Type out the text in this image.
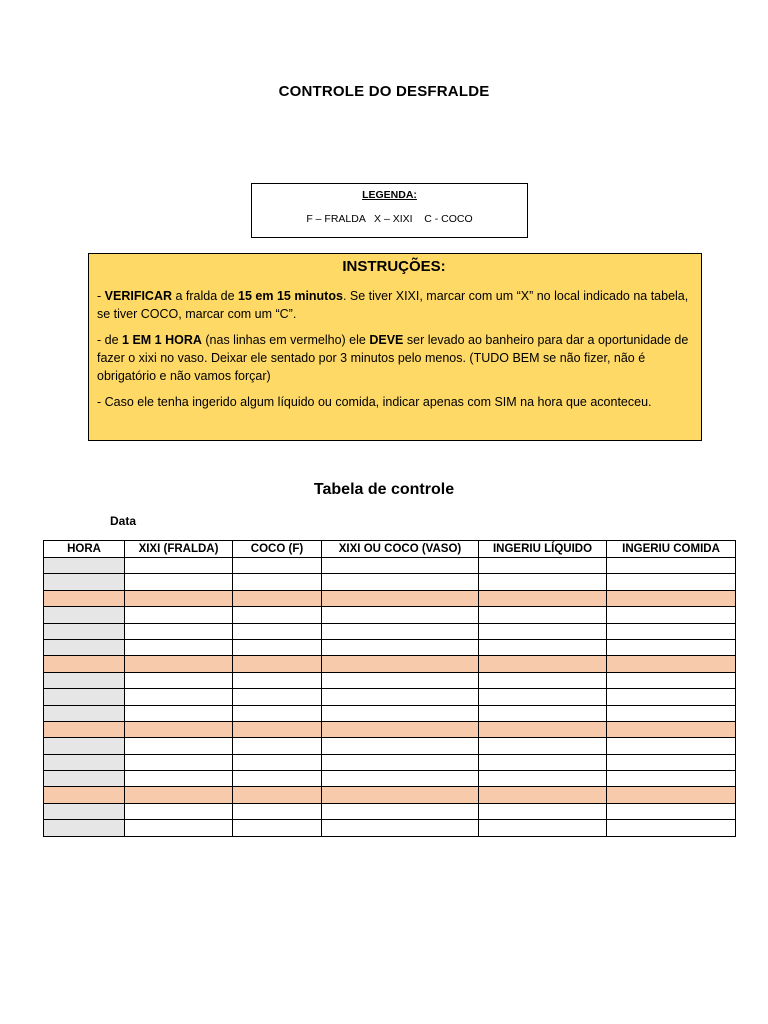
CONTROLE DO DESFRALDE
LEGENDA:
F – FRALDA   X – XIXI    C - COCO
INSTRUÇÕES:

- VERIFICAR a fralda de 15 em 15 minutos. Se tiver XIXI, marcar com um “X” no local indicado na tabela, se tiver COCO, marcar com um “C”.

- de 1 EM 1 HORA (nas linhas em vermelho) ele DEVE ser levado ao banheiro para dar a oportunidade de fazer o xixi no vaso. Deixar ele sentado por 3 minutos pelo menos. (TUDO BEM se não fizer, não é obrigatório e não vamos forçar)

- Caso ele tenha ingerido algum líquido ou comida, indicar apenas com SIM na hora que aconteceu.

Tabela de controle
Data
HORA	XIXI (FRALDA)	COCO (F)	XIXI OU COCO (VASO)	INGERIU LÍQUIDO	INGERIU COMIDA
